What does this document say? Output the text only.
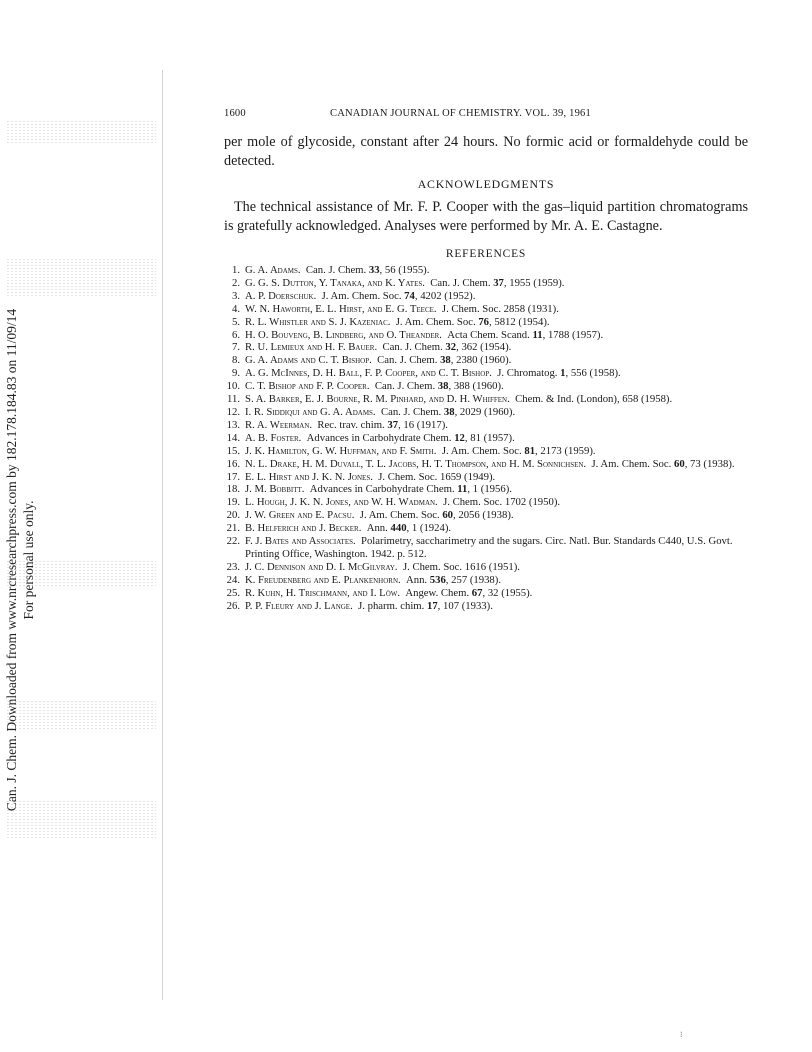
Can. J. Chem. Downloaded from www.nrcresearchpress.com by 182.178.184.83 on 11/09/14 For personal use only.
1600	CANADIAN JOURNAL OF CHEMISTRY. VOL. 39, 1961

per mole of glycoside, constant after 24 hours. No formic acid or formaldehyde could be detected.

ACKNOWLEDGMENTS

The technical assistance of Mr. F. P. Cooper with the gas–liquid partition chromatograms is gratefully acknowledged. Analyses were performed by Mr. A. E. Castagne.

REFERENCES
1. G. A. Adams. Can. J. Chem. 33, 56 (1955).
2. G. G. S. Dutton, Y. Tanaka, and K. Yates. Can. J. Chem. 37, 1955 (1959).
3. A. P. Doerschuk. J. Am. Chem. Soc. 74, 4202 (1952).
4. W. N. Haworth, E. L. Hirst, and E. G. Teece. J. Chem. Soc. 2858 (1931).
5. R. L. Whistler and S. J. Kazeniac. J. Am. Chem. Soc. 76, 5812 (1954).
6. H. O. Bouveng, B. Lindberg, and O. Theander. Acta Chem. Scand. 11, 1788 (1957).
7. R. U. Lemieux and H. F. Bauer. Can. J. Chem. 32, 362 (1954).
8. G. A. Adams and C. T. Bishop. Can. J. Chem. 38, 2380 (1960).
9. A. G. McInnes, D. H. Ball, F. P. Cooper, and C. T. Bishop. J. Chromatog. 1, 556 (1958).
10. C. T. Bishop and F. P. Cooper. Can. J. Chem. 38, 388 (1960).
11. S. A. Barker, E. J. Bourne, R. M. Pinhard, and D. H. Whiffen. Chem. & Ind. (London), 658 (1958).
12. I. R. Siddiqui and G. A. Adams. Can. J. Chem. 38, 2029 (1960).
13. R. A. Weerman. Rec. trav. chim. 37, 16 (1917).
14. A. B. Foster. Advances in Carbohydrate Chem. 12, 81 (1957).
15. J. K. Hamilton, G. W. Huffman, and F. Smith. J. Am. Chem. Soc. 81, 2173 (1959).
16. N. L. Drake, H. M. Duvall, T. L. Jacobs, H. T. Thompson, and H. M. Sonnichsen. J. Am. Chem. Soc. 60, 73 (1938).
17. E. L. Hirst and J. K. N. Jones. J. Chem. Soc. 1659 (1949).
18. J. M. Bobbitt. Advances in Carbohydrate Chem. 11, 1 (1956).
19. L. Hough, J. K. N. Jones, and W. H. Wadman. J. Chem. Soc. 1702 (1950).
20. J. W. Green and E. Pacsu. J. Am. Chem. Soc. 60, 2056 (1938).
21. B. Helferich and J. Becker. Ann. 440, 1 (1924).
22. F. J. Bates and Associates. Polarimetry, saccharimetry and the sugars. Circ. Natl. Bur. Standards C440, U.S. Govt. Printing Office, Washington. 1942. p. 512.
23. J. C. Dennison and D. I. McGilvray. J. Chem. Soc. 1616 (1951).
24. K. Freudenberg and E. Plankenhorn. Ann. 536, 257 (1938).
25. R. Kuhn, H. Trischmann, and I. Löw. Angew. Chem. 67, 32 (1955).
26. P. P. Fleury and J. Lange. J. pharm. chim. 17, 107 (1933).
⁝
